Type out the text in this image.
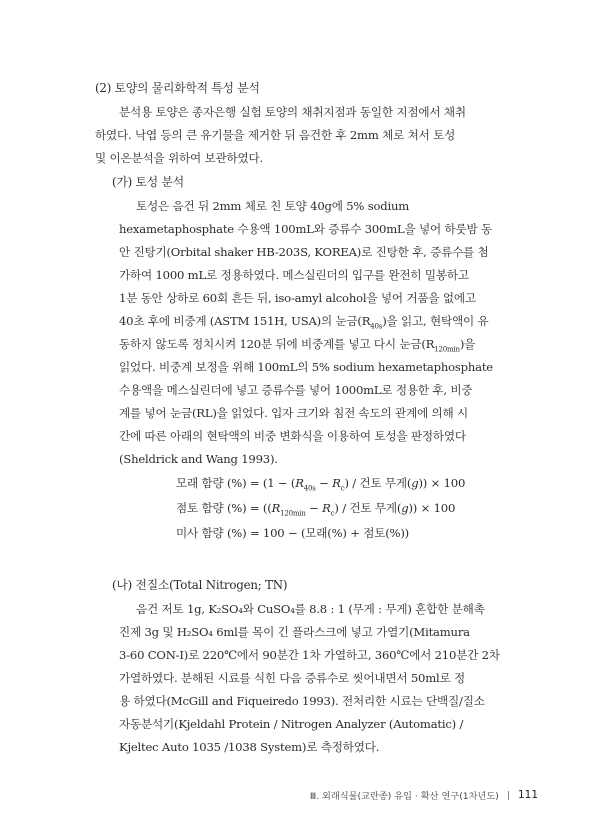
(2) 토양의 물리화학적 특성 분석
분석용 토양은 종자은행 실험 토양의 채취지점과 동일한 지점에서 채취
하였다. 낙엽 등의 큰 유기물을 제거한 뒤 음건한 후 2mm 체로 쳐서 토성
및 이온분석을 위하여 보관하였다.
(가) 토성 분석
토성은 음건 뒤 2mm 체로 친 토양 40g에 5% sodium
hexametaphosphate 수용액 100mL와 증류수 300mL을 넣어 하룻밤 동
안 진탕기(Orbital shaker HB-203S, KOREA)로 진탕한 후, 증류수를 첨
가하여 1000 mL로 정용하였다. 메스실린더의 입구를 완전히 밀봉하고
1분 동안 상하로 60회 흔든 뒤, iso-amyl alcohol을 넣어 거품을 없에고
40초 후에 비중계 (ASTM 151H, USA)의 눈금$(R_{40s})$을 읽고, 현탁액이 유
동하지 않도록 정치시켜 120분 뒤에 비중계를 넣고 다시 눈금$(R_{120min})$을
읽었다. 비중계 보정을 위해 100mL의 5% sodium hexametaphosphate
수용액을 메스실린더에 넣고 증류수를 넣어 1000mL로 정용한 후, 비중
계를 넣어 눈금(RL)을 읽었다. 입자 크기와 침전 속도의 관계에 의해 시
간에 따른 아래의 현탁액의 비중 변화식을 이용하여 토성을 판정하였다
(Sheldrick and Wang 1993).
모래 함량 (%) = ($1 - (R_{40s} - R_c)$ / 건토 무게(g)) × 100
점토 함량 (%) = ($(R_{120min} - R_c)$ / 건토 무게(g)) × 100
미사 함량 (%) = 100 − (모래(%) + 점토(%))
(나) 전질소(Total Nitrogen; TN)
음건 저토 1g, K₂SO₄와 CuSO₄를 8.8 : 1 (무게 : 무게) 혼합한 분해촉
진제 3g 및 H₂SO₄ 6ml를 목이 긴 플라스크에 넣고 가열기(Mitamura
3-60 CON-I)로 220℃에서 90분간 1차 가열하고, 360℃에서 210분간 2차
가열하였다. 분해된 시료를 식힌 다음 증류수로 씻어내면서 50ml로 정
용 하였다(McGill and Fiqueiredo 1993). 전처리한 시료는 단백질/질소
자동분석기(Kjeldahl Protein / Nitrogen Analyzer (Automatic) /
Kjeltec Auto 1035 /1038 System)로 측정하였다.
Ⅲ. 외래식물(교란종) 유입 · 확산 연구(1차년도) | 111
